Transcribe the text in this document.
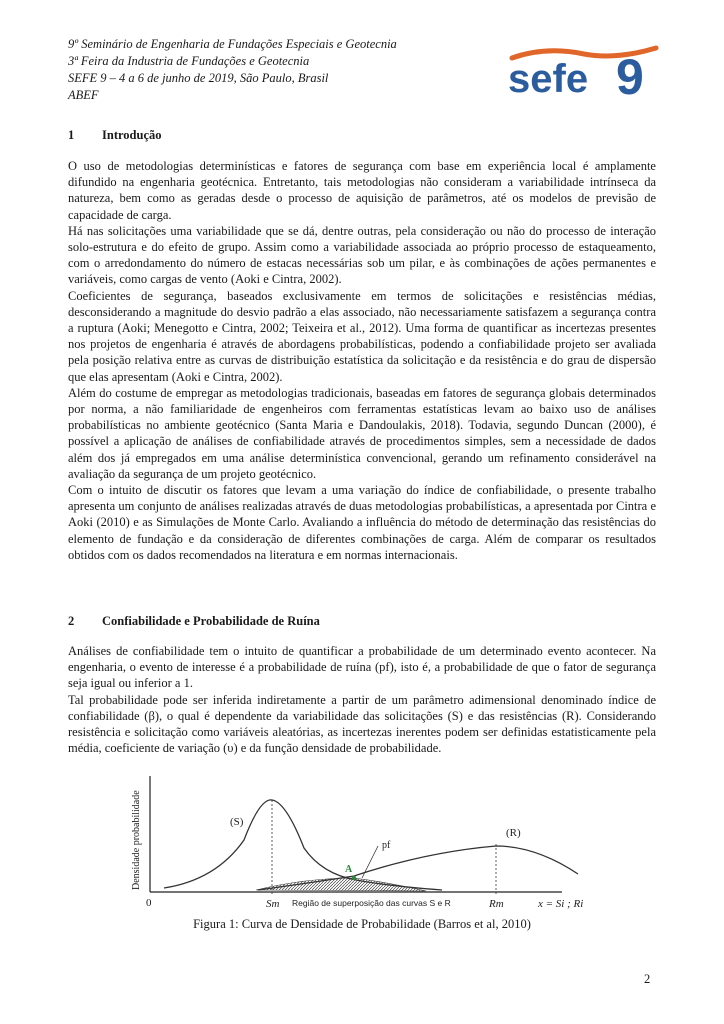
9º Seminário de Engenharia de Fundações Especiais e Geotecnia
3ª Feira da Industria de Fundações e Geotecnia
SEFE 9 – 4 a 6 de junho de 2019, São Paulo, Brasil
ABEF	sefe 9
1 Introdução

O uso de metodologias determinísticas e fatores de segurança com base em experiência local é amplamente difundido na engenharia geotécnica. Entretanto, tais metodologias não consideram a variabilidade intrínseca da natureza, bem como as geradas desde o processo de aquisição de parâmetros, até os modelos de previsão de capacidade de carga.

Há nas solicitações uma variabilidade que se dá, dentre outras, pela consideração ou não do processo de interação solo-estrutura e do efeito de grupo. Assim como a variabilidade associada ao próprio processo de estaqueamento, com o arredondamento do número de estacas necessárias sob um pilar, e às combinações de ações permanentes e variáveis, como cargas de vento (Aoki e Cintra, 2002).

Coeficientes de segurança, baseados exclusivamente em termos de solicitações e resistências médias, desconsiderando a magnitude do desvio padrão a elas associado, não necessariamente satisfazem a segurança contra a ruptura (Aoki; Menegotto e Cintra, 2002; Teixeira et al., 2012). Uma forma de quantificar as incertezas presentes nos projetos de engenharia é através de abordagens probabilísticas, podendo a confiabilidade projeto ser avaliada pela posição relativa entre as curvas de distribuição estatística da solicitação e da resistência e do grau de dispersão que elas apresentam (Aoki e Cintra, 2002).

Além do costume de empregar as metodologias tradicionais, baseadas em fatores de segurança globais determinados por norma, a não familiaridade de engenheiros com ferramentas estatísticas levam ao baixo uso de análises probabilísticas no ambiente geotécnico (Santa Maria e Dandoulakis, 2018). Todavia, segundo Duncan (2000), é possível a aplicação de análises de confiabilidade através de procedimentos simples, sem a necessidade de dados além dos já empregados em uma análise determinística convencional, gerando um refinamento considerável na avaliação da segurança de um projeto geotécnico.

Com o intuito de discutir os fatores que levam a uma variação do índice de confiabilidade, o presente trabalho apresenta um conjunto de análises realizadas através de duas metodologias probabilísticas, a apresentada por Cintra e Aoki (2010) e as Simulações de Monte Carlo. Avaliando a influência do método de determinação das resistências do elemento de fundação e da consideração de diferentes combinações de carga. Além de comparar os resultados obtidos com os dados recomendados na literatura e em normas internacionais.

2 Confiabilidade e Probabilidade de Ruína

Análises de confiabilidade tem o intuito de quantificar a probabilidade de um determinado evento acontecer. Na engenharia, o evento de interesse é a probabilidade de ruína (pf), isto é, a probabilidade de que o fator de segurança seja igual ou inferior a 1.

Tal probabilidade pode ser inferida indiretamente a partir de um parâmetro adimensional denominado índice de confiabilidade (β), o qual é dependente da variabilidade das solicitações (S) e das resistências (R). Considerando resistência e solicitação como variáveis aleatórias, as incertezas inerentes podem ser definidas estatisticamente pela média, coeficiente de variação (υ) e da função densidade de probabilidade.

Densidade probabilidade	A
(S)
(R)
pf
0	Sm	Rm
Região de superposição das curvas S e R	x = Si ; Ri
Figura 1: Curva de Densidade de Probabilidade (Barros et al, 2010)
2
